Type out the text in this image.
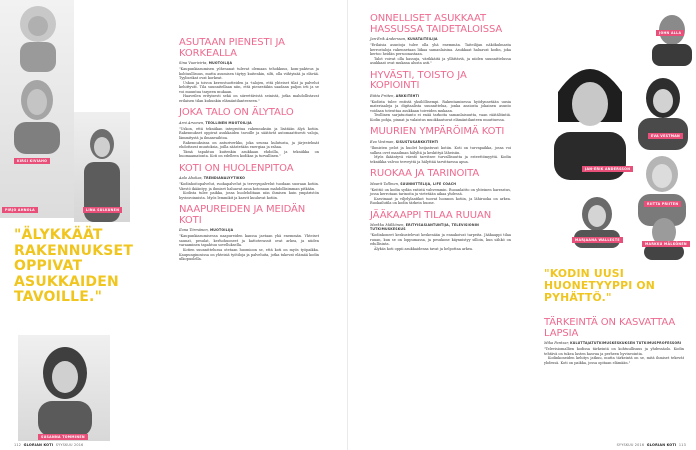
KIRSI KIVIAHO
PIRJO AHNOLA	LINA SULKUNEN
"ÄLYKKÄÄT RAKENNUKSET OPPIVAT ASUKKAIDEN TAVOILLE."
SUSANNA TOMMINEN
ASUTAAN PIENESTI JA KORKEALLA
Sina Vuorivirta, MUOTOILIJA

"Kaupunkiasumisen yöhesanat tulevat olemaan tehokkuus, kom-pakteus ja kohtuullisuus, mutta asumisen täytyy kuitenkin, silti, olla viihtyisää ja elävää. Tyyliseikat ovat korkeat.

Uskon ja toivon kerrostuotteiden ja -talojen, että yhteiset tilat ja palvelut kehittyvät. Tila suunnitellaan niin, että pienestäkin saadaan paljon irti ja se voi muuntua tarpeen mukaan.

Haaveilen erityisesti sekä on siirrettävistä seinistä, jotka mahdollistavat erilaisen tilan kuhunkin elämäntilanteeseen."

JOKA TALO ON ÄLYTALO
Arni Arvonen, TEOLLINEN MUOTOILIJA

"Uskon, että tekniikan integroitua rakennuksiin ja lisätään älyä kotiin. Rakennukset oppivat asukkaiden tavoille ja säätävät automaattisesti valoja, lämmitystä ja ilmanvaihtoa.

Rakennuksissa on anturiverkko, joka seuraa kulutusta, ja järjestelmät ehdottavat muutoksia, joilla säästetään energiaa ja rahaa.

Tämä tapahtuu kuitenkin asukkaan ehdoilla, ja tekniikka on huomaamatonta. Koti on edelleen kodikas ja turvallinen."

KOTI ON HUOLENPITOA
Aalo Ahokas, TRENDIANALYYTIKKO

"Kodinhoitopalvelut, ruokapalvelut ja terveyspalvelut tuodaan suoraan kotiin. Väestö ikääntyy, ja ihmiset haluavat asua kotonaan mahdollisimman pitkään.

Kodista tulee paikka, jossa huolehditaan niin ihmisen kuin ympäristön hyvinvoinnista. Myös lemmikit ja kasvit kuuluvat kotiin.

NAAPUREIDEN JA MEIDÄN KOTI
Ilona Törmänen, MUOTOILIJA

"Kaupunkiasumisessa naapureiden kanssa jaetaan yhä enemmän. Yhteiset saunat, pesulat, kerhohuoneet ja kattoterassit ovat arkea, ja niiden varaaminen tapahtuu sovelluksella.

Kotien suunnittelussa otetaan huomioon se, että koti on myös työpaikka. Kaupunginosissa on yhteisiä työtiloja ja palveluita, jotka tukevat elämää kodin ulkopuolella.

112 GLORIAN KOTI SYYSKUU 2016
ONNELLISET ASUKKAAT HASSUSSA TAIDETALOISSA
Jan-Erik Andersson, KUVATAITEILIJA

"Erilaisia asuntoja tulee olla yhä enemmän. Taiteilijan näkökulmasta kerrostaloja rakennetaan liikaa samanlaisina. Asukkaat haluavat kodin, joka kertoo heidän persoonastaan.

Talot voivat olla hassuja, värikkäitä ja yllättäviä, ja niiden suunnittelussa asukkaat ovat mukana alusta asti."

HYVÄSTI, TOISTO JA KOPIOINTI
Riitta Priiten, ARKKITEHTI

"Kodista tulee entistä yksilöllisempi. Rakentamisessa hyödynnetään uusia materiaaleja ja digitaalista suunnittelua, jonka ansiosta jokainen asunto voidaan toteuttaa asukkaan toiveiden mukaan.

Teollinen sarjatuotanto ei enää tarkoita samanlaisuutta, vaan räätälöintiä. Kodin pohja, pinnat ja valaistus muokkautuvat elämäntilanteen muuttuessa.

MUURIEN YMPÄRÖIMÄ KOTI
Eva Vestman, SISUSTUSARKKITEHTI

"Ihmisten pelot ja huolet heijastuvat kotiin. Koti on turvapaikka, jossa voi sulkea ovet maailman hälyltä ja keskittyä läheisiin.

Myös ikääntyvä väestö tarvitsee turvallisuutta ja esteettömyyttä. Kodin tekniikka valvoo terveyttä ja hälyttää tarvittaessa apua.

RUOKAA JA TARINOITA
Maarit Tallinen, SUUNNITTELIJA, LIFE COACH

"Keittiö on kodin sydän entistä vahvemmin. Ruoanlaitto on yhteinen harrastus, jossa kerrotaan tarinoita ja vietetään aikaa yhdessä.

Kasvimaat ja viljelylaatikot tuovat luonnon kotiin, ja lähiruoka on arkea. Ruokailutila on kodin tärkein huone.

JÄÄKAAPPI TILAA RUUAN
Markku Mälkönen, ERITYISASIANTUNTIJA, TELEVISIONIN TUTKIMUSKESKUS

"Kodinkoneet keskustelevat keskenään ja ennakoivat tarpeita. Jääkaappi tilaa ruuan, kun se on loppumassa, ja pesukone käynnistyy silloin, kun sähkö on edullisinta.

Älykäs koti oppii asukkaidensa tavat ja helpottaa arkea.

JAN-ERIK ANDERSSON
RIITTA PRIITEN
MARJAANA WALLESTE
MARKKU MÄLKÖNEN
EVA VESTMAN
JOHN ALLA
"KODIN UUSI HUONETYYPPI ON PYHÄTTÖ."
TÄRKEINTÄ ON KASVATTAA LAPSIA
Mika Pantzar, KULUTTAJATUTKIMUSKESKUKSEN TUTKIMUSPROFESSORI

"Televisiomallien kodissa tärkeintä on kohtuullisuus ja yhdessäolo. Kodin tehtävä on tukea lasten kasvua ja perheen hyvinvointia.

Kodinkoneiden kehitys jatkuu, mutta tärkeintä on se, mitä ihmiset tekevät yhdessä. Koti on paikka, jossa opitaan elämään."

SYYSKUU 2016 GLORIAN KOTI 113
